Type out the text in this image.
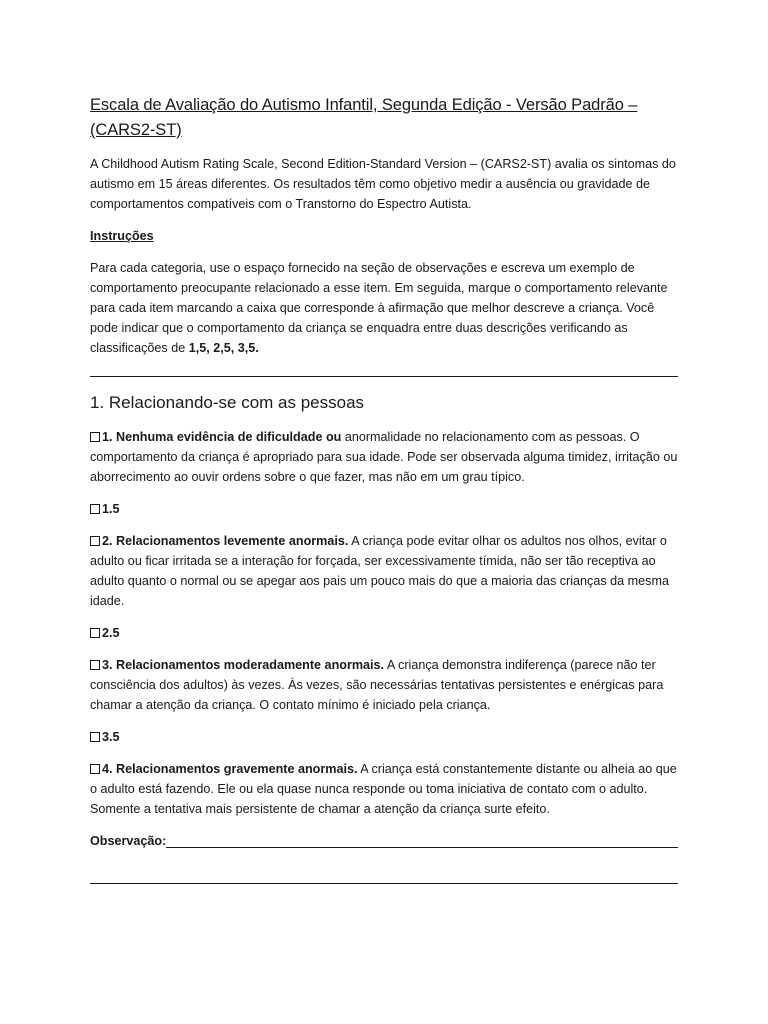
Escala de Avaliação do Autismo Infantil, Segunda Edição - Versão Padrão – (CARS2-ST)

A Childhood Autism Rating Scale, Second Edition-Standard Version – (CARS2-ST) avalia os sintomas do autismo em 15 áreas diferentes. Os resultados têm como objetivo medir a ausência ou gravidade de comportamentos compatíveis com o Transtorno do Espectro Autista.

Instruções

Para cada categoria, use o espaço fornecido na seção de observações e escreva um exemplo de comportamento preocupante relacionado a esse item. Em seguida, marque o comportamento relevante para cada item marcando a caixa que corresponde à afirmação que melhor descreve a criança. Você pode indicar que o comportamento da criança se enquadra entre duas descrições verificando as classificações de 1,5, 2,5, 3,5.

1. Relacionando-se com as pessoas
1. Nenhuma evidência de dificuldade ou anormalidade no relacionamento com as pessoas. O comportamento da criança é apropriado para sua idade. Pode ser observada alguma timidez, irritação ou aborrecimento ao ouvir ordens sobre o que fazer, mas não em um grau típico.
1.5
2. Relacionamentos levemente anormais. A criança pode evitar olhar os adultos nos olhos, evitar o adulto ou ficar irritada se a interação for forçada, ser excessivamente tímida, não ser tão receptiva ao adulto quanto o normal ou se apegar aos pais um pouco mais do que a maioria das crianças da mesma idade.
2.5
3. Relacionamentos moderadamente anormais. A criança demonstra indiferença (parece não ter consciência dos adultos) às vezes. Às vezes, são necessárias tentativas persistentes e enérgicas para chamar a atenção da criança. O contato mínimo é iniciado pela criança.
3.5
4. Relacionamentos gravemente anormais. A criança está constantemente distante ou alheia ao que o adulto está fazendo. Ele ou ela quase nunca responde ou toma iniciativa de contato com o adulto. Somente a tentativa mais persistente de chamar a atenção da criança surte efeito.
Observação:
